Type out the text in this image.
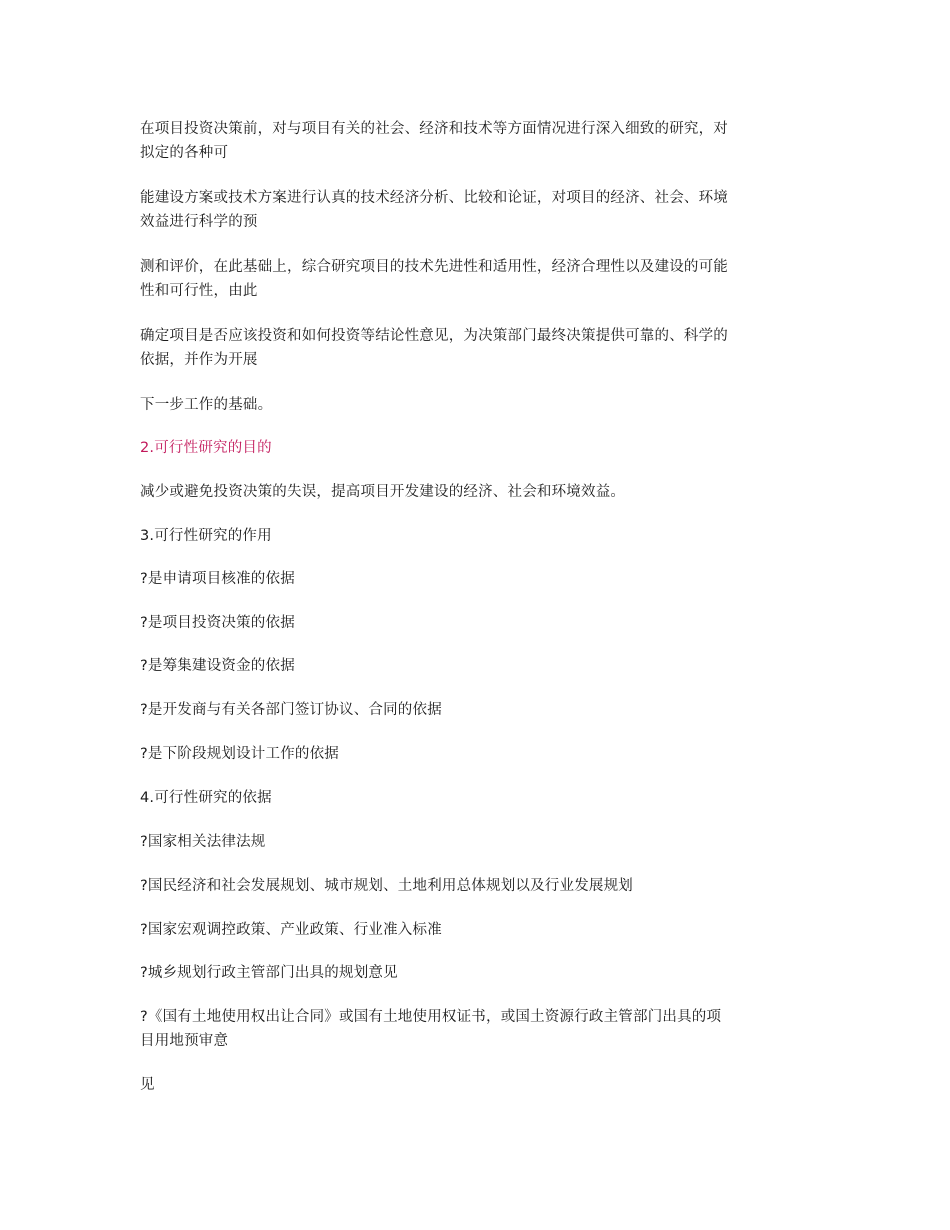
在项目投资决策前，对与项目有关的社会、经济和技术等方面情况进行深入细致的研究，对
拟定的各种可

能建设方案或技术方案进行认真的技术经济分析、比较和论证，对项目的经济、社会、环境
效益进行科学的预

测和评价，在此基础上，综合研究项目的技术先进性和适用性，经济合理性以及建设的可能
性和可行性，由此

确定项目是否应该投资和如何投资等结论性意见，为决策部门最终决策提供可靠的、科学的
依据，并作为开展

下一步工作的基础。

2.可行性研究的目的

减少或避免投资决策的失误，提高项目开发建设的经济、社会和环境效益。

3.可行性研究的作用

?是申请项目核准的依据

?是项目投资决策的依据

?是筹集建设资金的依据

?是开发商与有关各部门签订协议、合同的依据

?是下阶段规划设计工作的依据

4.可行性研究的依据

?国家相关法律法规

?国民经济和社会发展规划、城市规划、土地利用总体规划以及行业发展规划

?国家宏观调控政策、产业政策、行业准入标准

?城乡规划行政主管部门出具的规划意见

?《国有土地使用权出让合同》或国有土地使用权证书，或国土资源行政主管部门出具的项
目用地预审意

见
